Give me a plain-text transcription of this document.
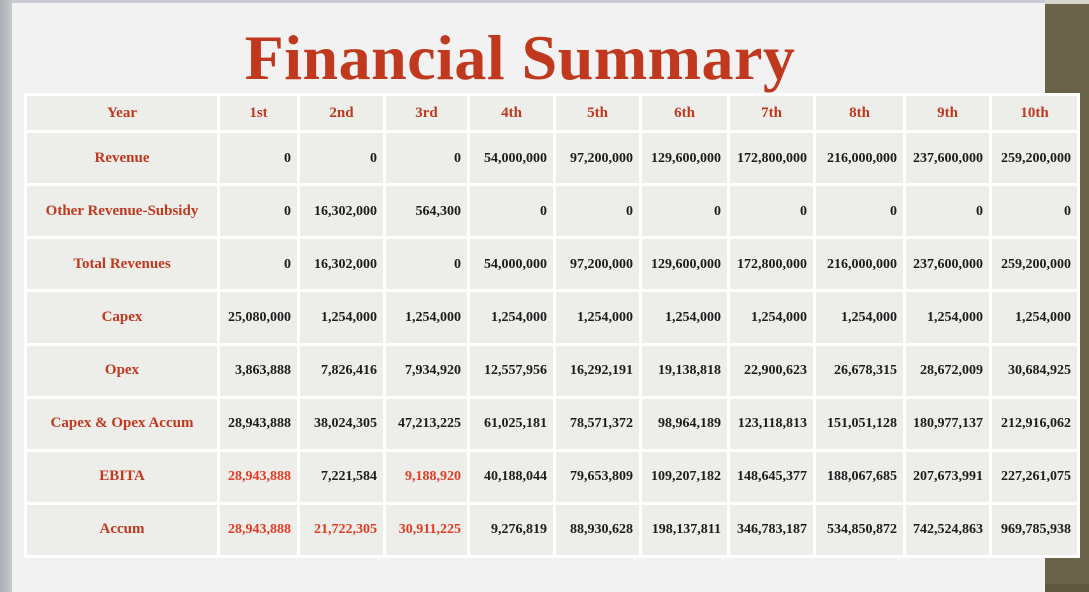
Financial Summary
Year	1st	2nd	3rd	4th	5th	6th	7th	8th	9th	10th
Revenue	0	0	0	54,000,000	97,200,000	129,600,000	172,800,000	216,000,000	237,600,000	259,200,000
Other Revenue-Subsidy	0	16,302,000	564,300	0	0	0	0	0	0	0
Total Revenues	0	16,302,000	0	54,000,000	97,200,000	129,600,000	172,800,000	216,000,000	237,600,000	259,200,000
Capex	25,080,000	1,254,000	1,254,000	1,254,000	1,254,000	1,254,000	1,254,000	1,254,000	1,254,000	1,254,000
Opex	3,863,888	7,826,416	7,934,920	12,557,956	16,292,191	19,138,818	22,900,623	26,678,315	28,672,009	30,684,925
Capex & Opex Accum	28,943,888	38,024,305	47,213,225	61,025,181	78,571,372	98,964,189	123,118,813	151,051,128	180,977,137	212,916,062
EBITA	28,943,888	7,221,584	9,188,920	40,188,044	79,653,809	109,207,182	148,645,377	188,067,685	207,673,991	227,261,075
Accum	28,943,888	21,722,305	30,911,225	9,276,819	88,930,628	198,137,811	346,783,187	534,850,872	742,524,863	969,785,938
